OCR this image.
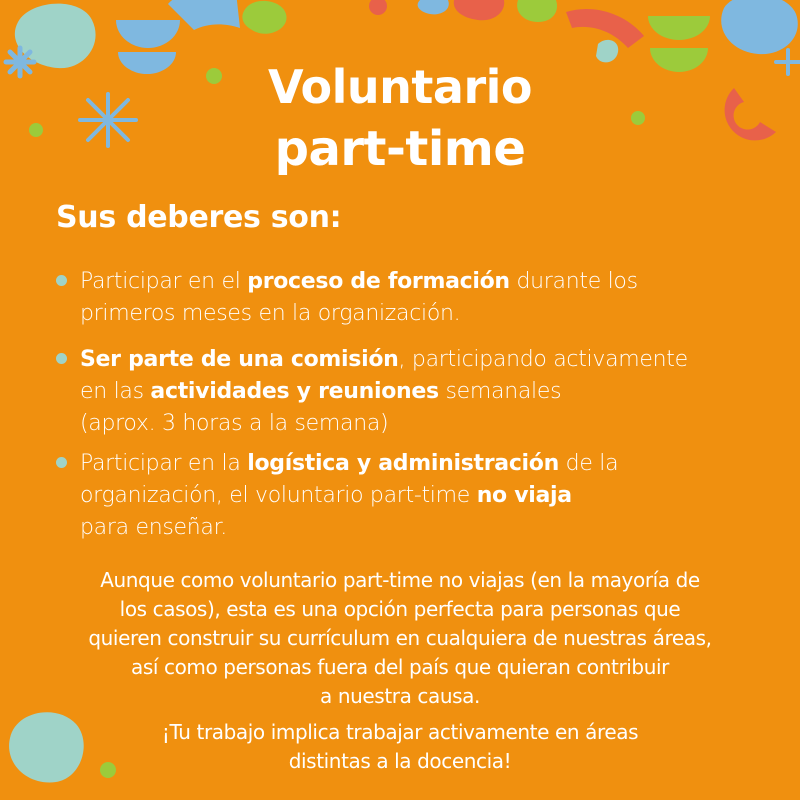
Voluntario
part-time
Sus deberes son:
Participar en el proceso de formación durante los
primeros meses en la organización.
Ser parte de una comisión, participando activamente
en las actividades y reuniones semanales
(aprox. 3 horas a la semana)
Participar en la logística y administración de la
organización, el voluntario part-time no viaja
para enseñar.
Aunque como voluntario part-time no viajas (en la mayoría de
los casos), esta es una opción perfecta para personas que
quieren construir su currículum en cualquiera de nuestras áreas,
así como personas fuera del país que quieran contribuir
a nuestra causa.
¡Tu trabajo implica trabajar activamente en áreas
distintas a la docencia!
